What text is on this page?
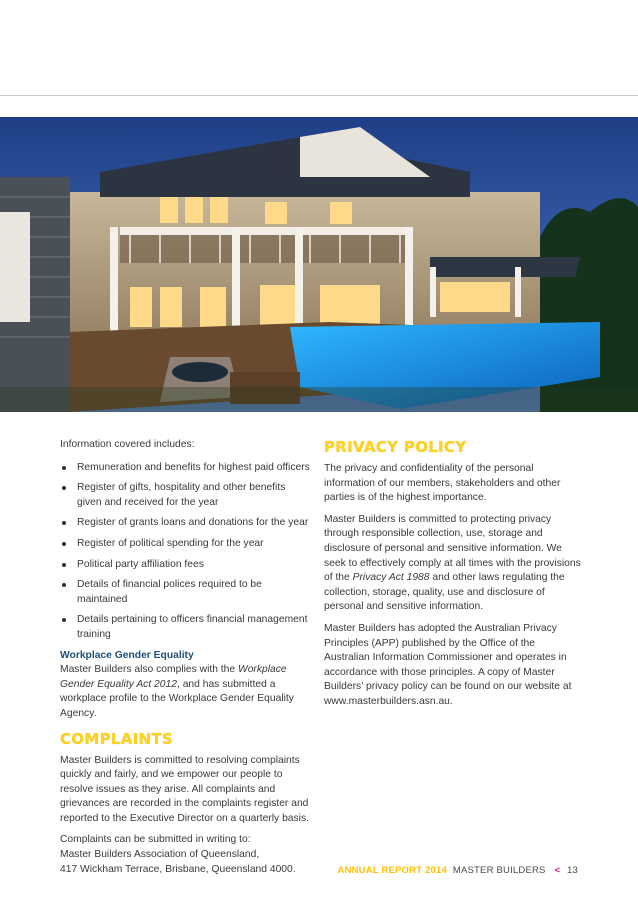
Information covered includes:

Remuneration and benefits for highest paid officers
Register of gifts, hospitality and other benefits given and received for the year
Register of grants loans and donations for the year
Register of political spending for the year
Political party affiliation fees
Details of financial polices required to be maintained
Details pertaining to officers financial management training

Workplace Gender Equality

Master Builders also complies with the Workplace Gender Equality Act 2012, and has submitted a workplace profile to the Workplace Gender Equality Agency.

COMPLAINTS

Master Builders is committed to resolving complaints quickly and fairly, and we empower our people to resolve issues as they arise. All complaints and grievances are recorded in the complaints register and reported to the Executive Director on a quarterly basis.

Complaints can be submitted in writing to:
Master Builders Association of Queensland,
417 Wickham Terrace, Brisbane, Queensland 4000.

PRIVACY POLICY

The privacy and confidentiality of the personal information of our members, stakeholders and other parties is of the highest importance.

Master Builders is committed to protecting privacy through responsible collection, use, storage and disclosure of personal and sensitive information. We seek to effectively comply at all times with the provisions of the Privacy Act 1988 and other laws regulating the collection, storage, quality, use and disclosure of personal and sensitive information.

Master Builders has adopted the Australian Privacy Principles (APP) published by the Office of the Australian Information Commissioner and operates in accordance with those principles. A copy of Master Builders’ privacy policy can be found on our website at www.masterbuilders.asn.au.

ANNUAL REPORT 2014 MASTER BUILDERS < 13
